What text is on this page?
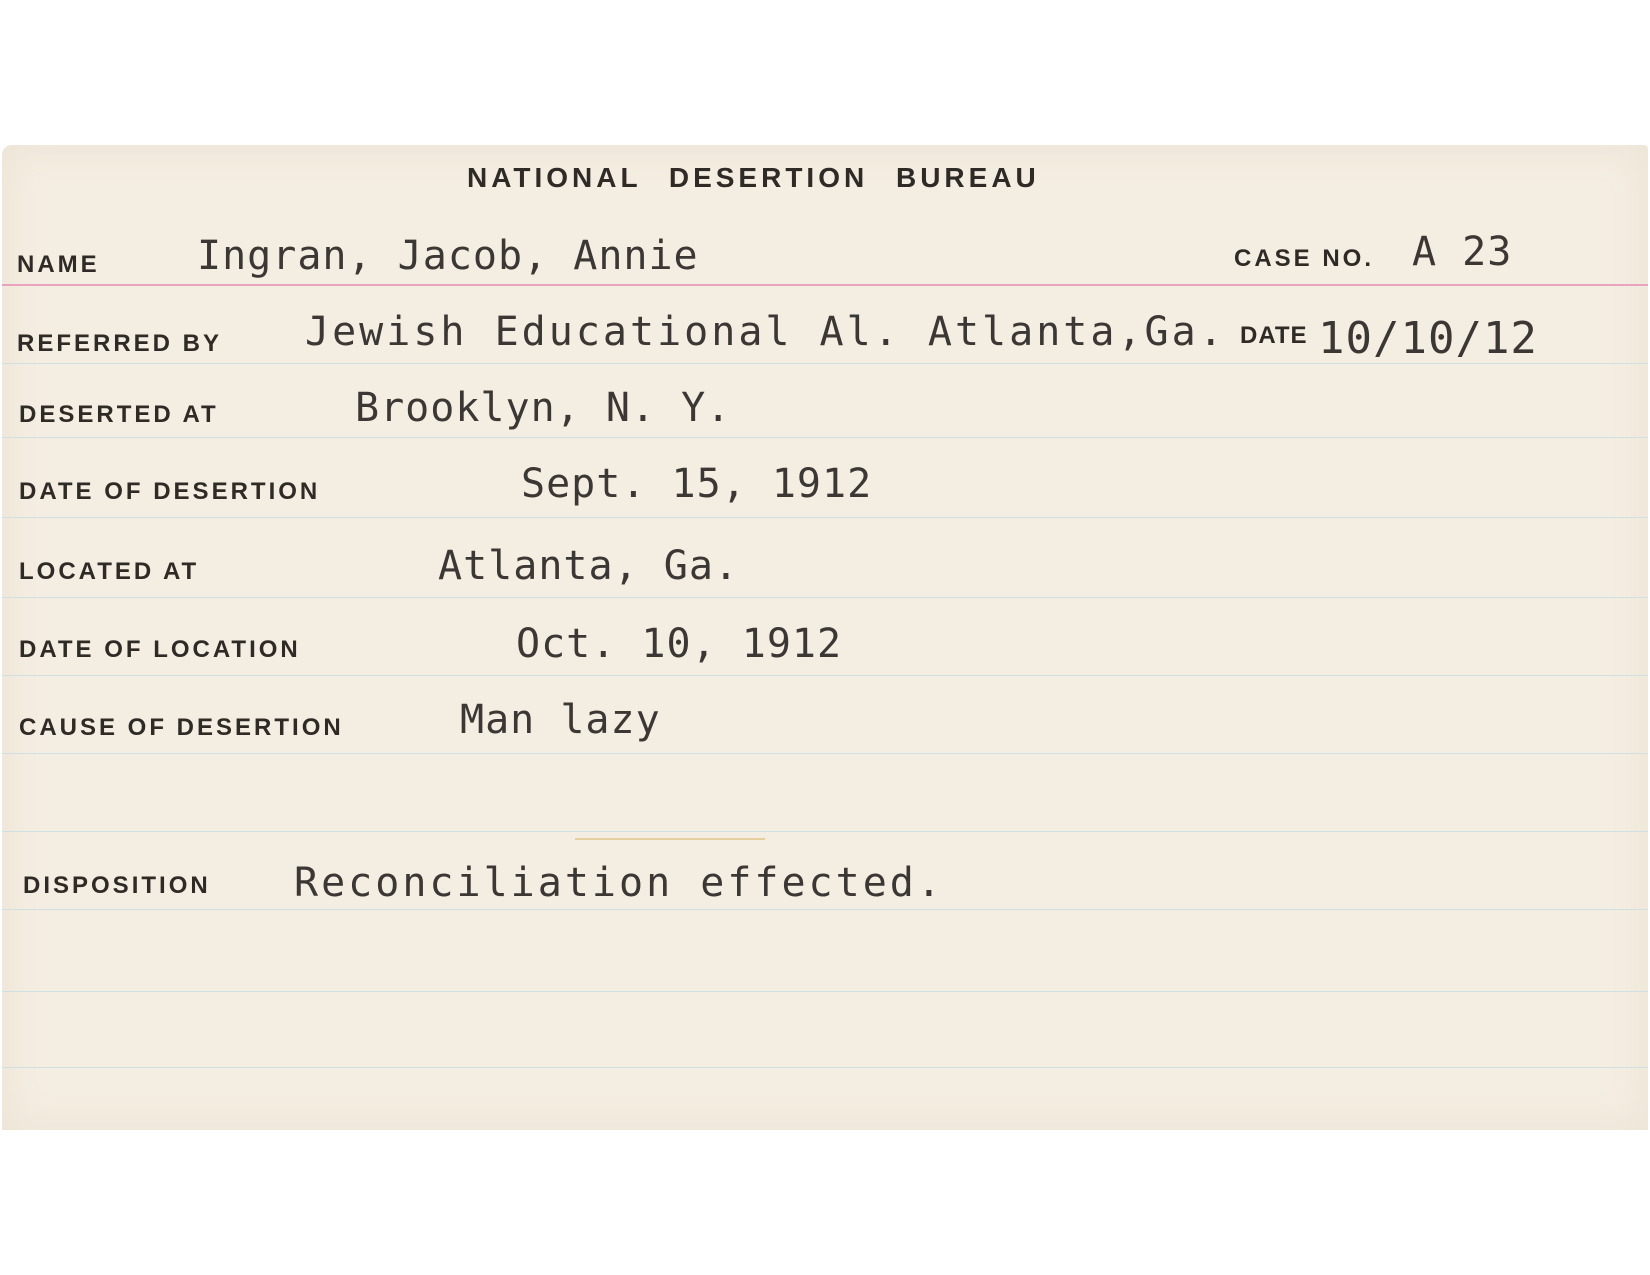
NATIONAL DESERTION BUREAU
NAME Ingran, Jacob, Annie	CASE NO. A 23
REFERRED BY Jewish Educational Al. Atlanta,Ga. DATE 10/10/12
DESERTED AT	Brooklyn, N. Y.
DATE OF DESERTION	Sept. 15, 1912
LOCATED AT	Atlanta, Ga.
DATE OF LOCATION	Oct. 10, 1912
CAUSE OF DESERTION	Man lazy
DISPOSITION Reconciliation effected.
